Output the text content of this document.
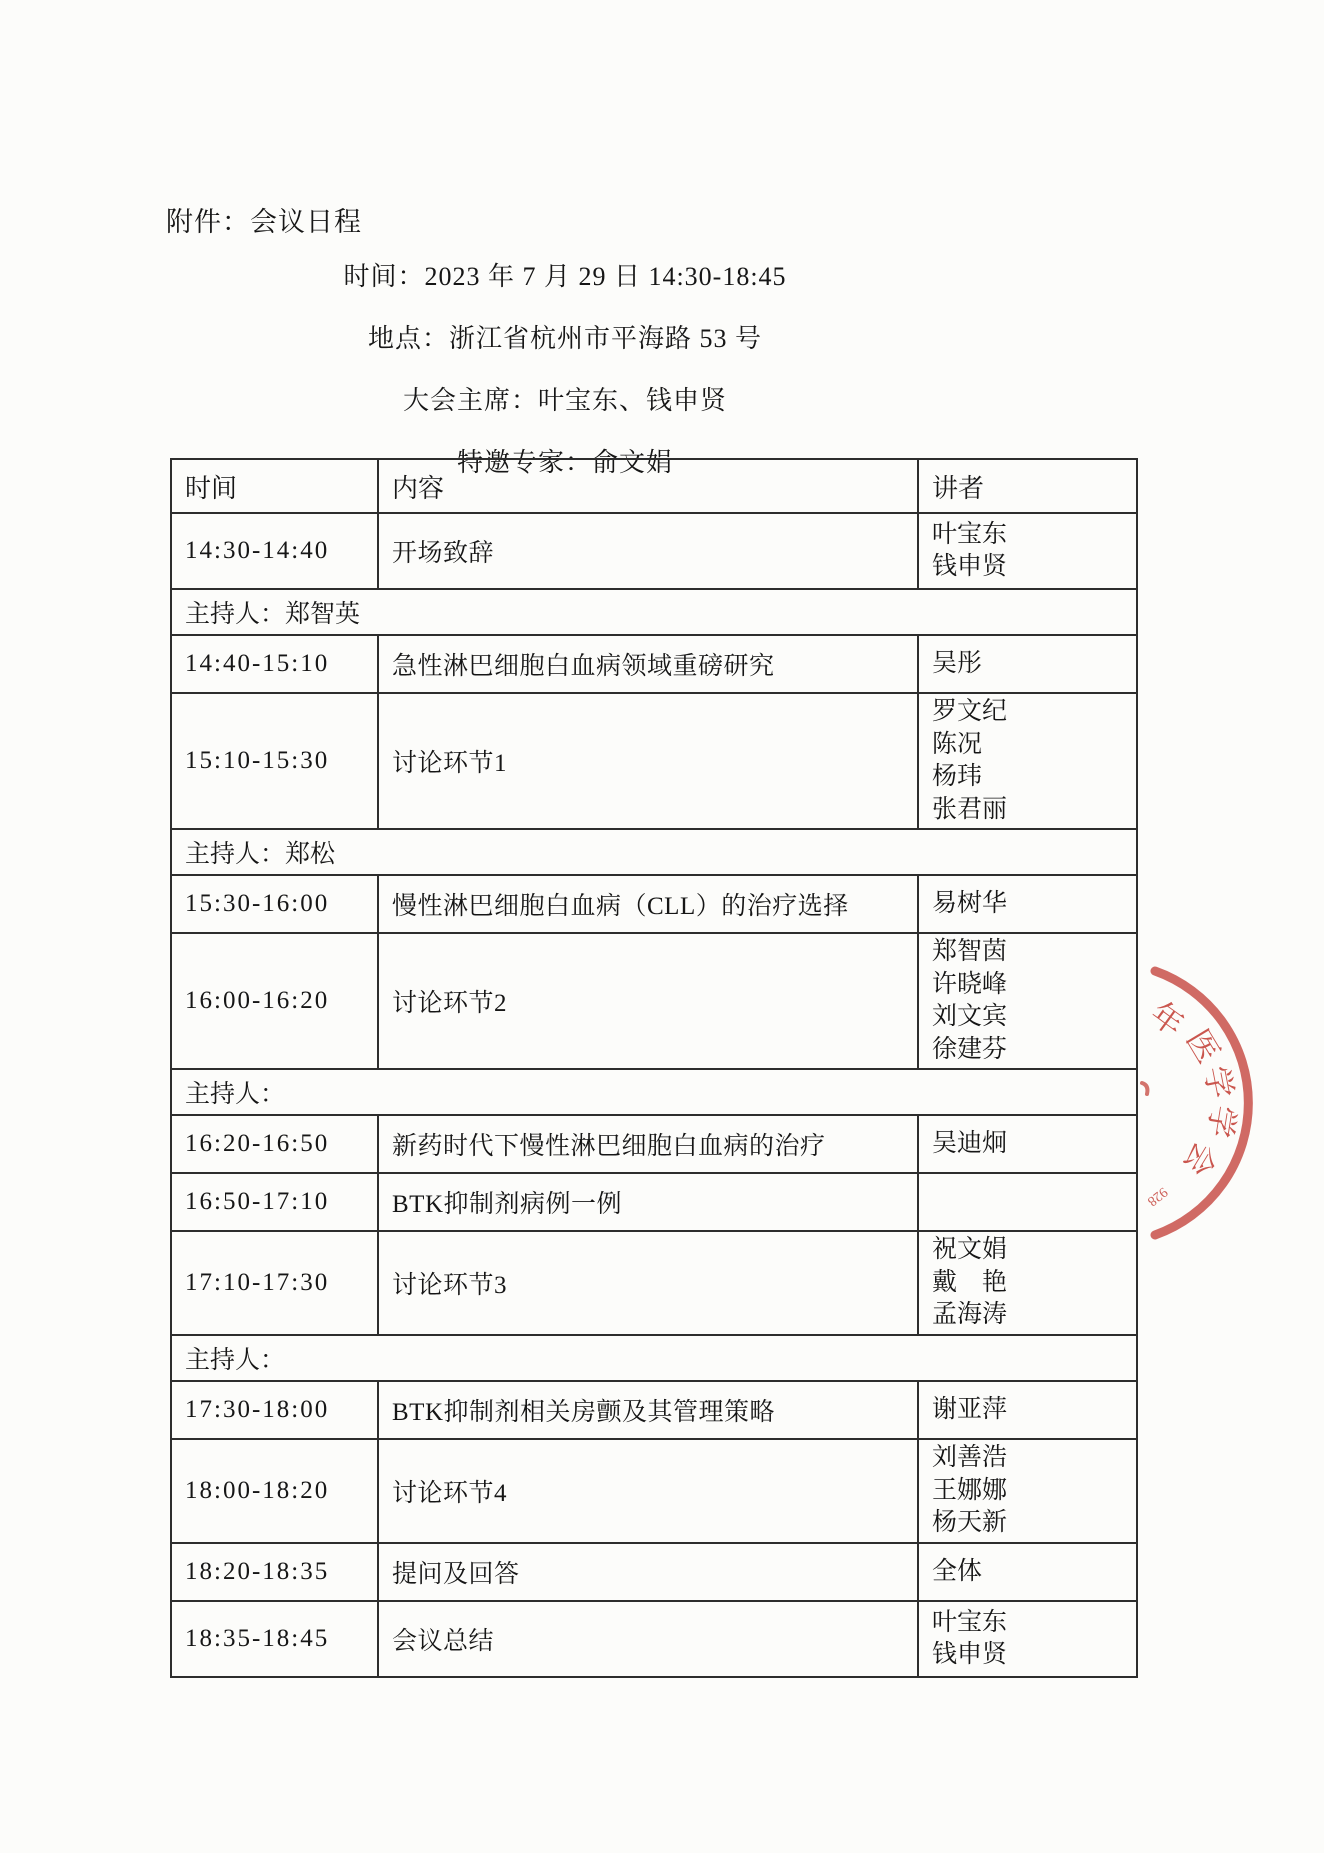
附件：会议日程

时间：2023 年 7 月 29 日 14:30-18:45

地点：浙江省杭州市平海路 53 号

大会主席：叶宝东、钱申贤

特邀专家：俞文娟

时间	内容	讲者
14:30-14:40	开场致辞	叶宝东
钱申贤

主持人：郑智英		
14:40-15:10	急性淋巴细胞白血病领域重磅研究	吴彤

15:10-15:30	讨论环节1	罗文纪
陈况
杨玮
张君丽

主持人：郑松		
15:30-16:00	慢性淋巴细胞白血病（CLL）的治疗选择	易树华

16:00-16:20	讨论环节2	郑智茵
许晓峰
刘文宾
徐建芬

主持人：		
16:20-16:50	新药时代下慢性淋巴细胞白血病的治疗	吴迪炯

16:50-17:10	BTK抑制剂病例一例	
17:10-17:30	讨论环节3	祝文娟
戴　艳
孟海涛

主持人：		
17:30-18:00	BTK抑制剂相关房颤及其管理策略	谢亚萍

18:00-18:20	讨论环节4	刘善浩
王娜娜
杨天新

18:20-18:35	提问及回答	全体

18:35-18:45	会议总结	叶宝东
钱申贤
年
医
学
学
会
928
